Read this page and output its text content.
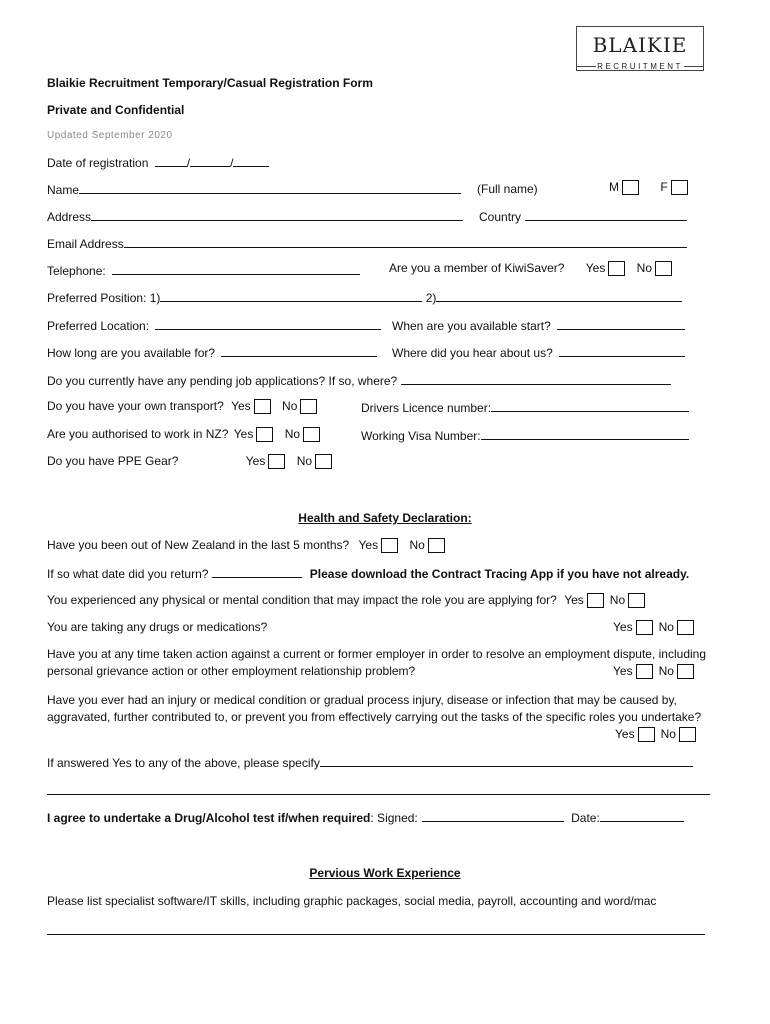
BLAIKIE
RECRUITMENT
Blaikie Recruitment Temporary/Casual Registration Form
Private and Confidential
Updated September 2020
Date of registration	/	/
Name	(Full name)	M	F
Address	Country
Email Address
Telephone:	Are you a member of KiwiSaver? Yes	No
Preferred Position: 1)	2)
Preferred Location:	When are you available start?
How long are you available for?	Where did you hear about us?
Do you currently have any pending job applications? If so, where?
Do you have your own transport? Yes	No	Drivers Licence number:
Are you authorised to work in NZ? Yes	No	Working Visa Number:
Do you have PPE Gear?	Yes	No
Health and Safety Declaration:
Have you been out of New Zealand in the last 5 months? Yes	No
If so what date did you return?	Please download the Contract Tracing App if you have not already.
You experienced any physical or mental condition that may impact the role you are applying for? Yes No
You are taking any drugs or medications?	Yes No
Have you at any time taken action against a current or former employer in order to resolve an employment dispute, including personal grievance action or other employment relationship problem?	Yes No
Have you ever had an injury or medical condition or gradual process injury, disease or infection that may be caused by, aggravated, further contributed to, or prevent you from effectively carrying out the tasks of the specific roles you undertake?
Yes No
If answered Yes to any of the above, please specify
I agree to undertake a Drug/Alcohol test if/when required: Signed:	Date:
Pervious Work Experience
Please list specialist software/IT skills, including graphic packages, social media, payroll, accounting and word/mac
